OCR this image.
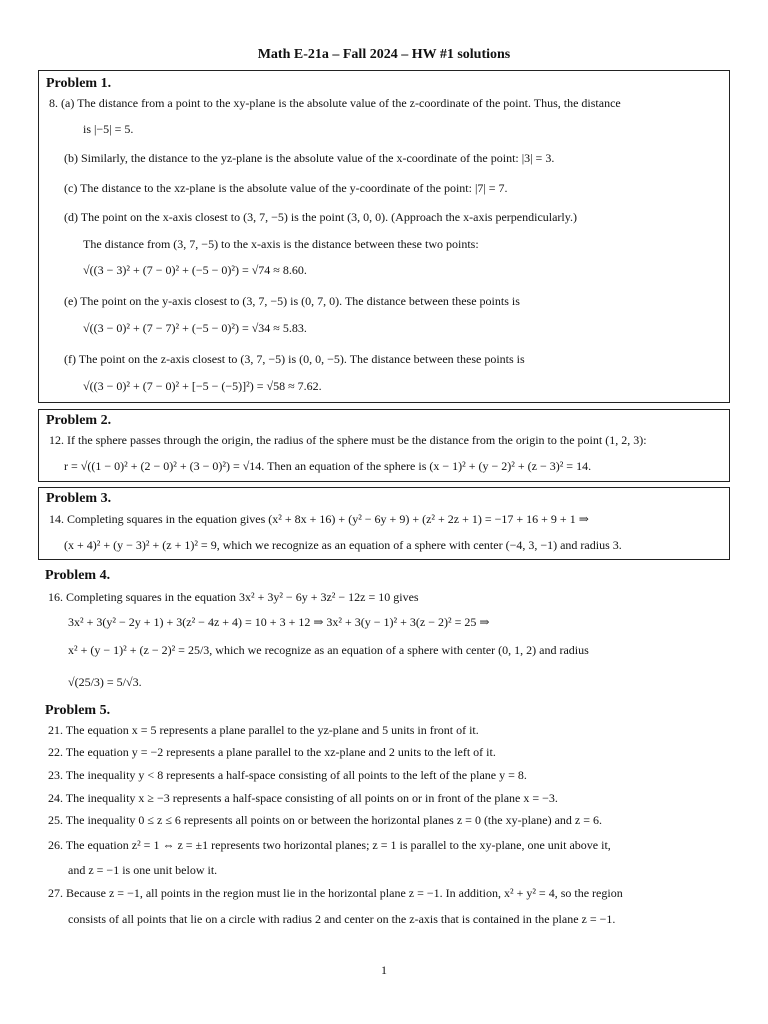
Math E-21a – Fall 2024 – HW #1 solutions
Problem 1.
8. (a) The distance from a point to the xy-plane is the absolute value of the z-coordinate of the point. Thus, the distance
is |−5| = 5.
(b) Similarly, the distance to the yz-plane is the absolute value of the x-coordinate of the point: |3| = 3.
(c) The distance to the xz-plane is the absolute value of the y-coordinate of the point: |7| = 7.
(d) The point on the x-axis closest to (3, 7, −5) is the point (3, 0, 0). (Approach the x-axis perpendicularly.)
The distance from (3, 7, −5) to the x-axis is the distance between these two points:
√((3 − 3)² + (7 − 0)² + (−5 − 0)²) = √74 ≈ 8.60.
(e) The point on the y-axis closest to (3, 7, −5) is (0, 7, 0). The distance between these points is
√((3 − 0)² + (7 − 7)² + (−5 − 0)²) = √34 ≈ 5.83.
(f) The point on the z-axis closest to (3, 7, −5) is (0, 0, −5). The distance between these points is
√((3 − 0)² + (7 − 0)² + [−5 − (−5)]²) = √58 ≈ 7.62.
Problem 2.
12. If the sphere passes through the origin, the radius of the sphere must be the distance from the origin to the point (1, 2, 3):
r = √((1 − 0)² + (2 − 0)² + (3 − 0)²) = √14. Then an equation of the sphere is (x − 1)² + (y − 2)² + (z − 3)² = 14.
Problem 3.
14. Completing squares in the equation gives (x² + 8x + 16) + (y² − 6y + 9) + (z² + 2z + 1) = −17 + 16 + 9 + 1 ⇒
(x + 4)² + (y − 3)² + (z + 1)² = 9, which we recognize as an equation of a sphere with center (−4, 3, −1) and radius 3.
Problem 4.
16. Completing squares in the equation 3x² + 3y² − 6y + 3z² − 12z = 10 gives
3x² + 3(y² − 2y + 1) + 3(z² − 4z + 4) = 10 + 3 + 12 ⇒ 3x² + 3(y − 1)² + 3(z − 2)² = 25 ⇒
x² + (y − 1)² + (z − 2)² = 25/3, which we recognize as an equation of a sphere with center (0, 1, 2) and radius
√(25/3) = 5/√3.
Problem 5.
21. The equation x = 5 represents a plane parallel to the yz-plane and 5 units in front of it.
22. The equation y = −2 represents a plane parallel to the xz-plane and 2 units to the left of it.
23. The inequality y < 8 represents a half-space consisting of all points to the left of the plane y = 8.
24. The inequality x ≥ −3 represents a half-space consisting of all points on or in front of the plane x = −3.
25. The inequality 0 ≤ z ≤ 6 represents all points on or between the horizontal planes z = 0 (the xy-plane) and z = 6.
26. The equation z² = 1 ⇔ z = ±1 represents two horizontal planes; z = 1 is parallel to the xy-plane, one unit above it,
and z = −1 is one unit below it.
27. Because z = −1, all points in the region must lie in the horizontal plane z = −1. In addition, x² + y² = 4, so the region
consists of all points that lie on a circle with radius 2 and center on the z-axis that is contained in the plane z = −1.
1
